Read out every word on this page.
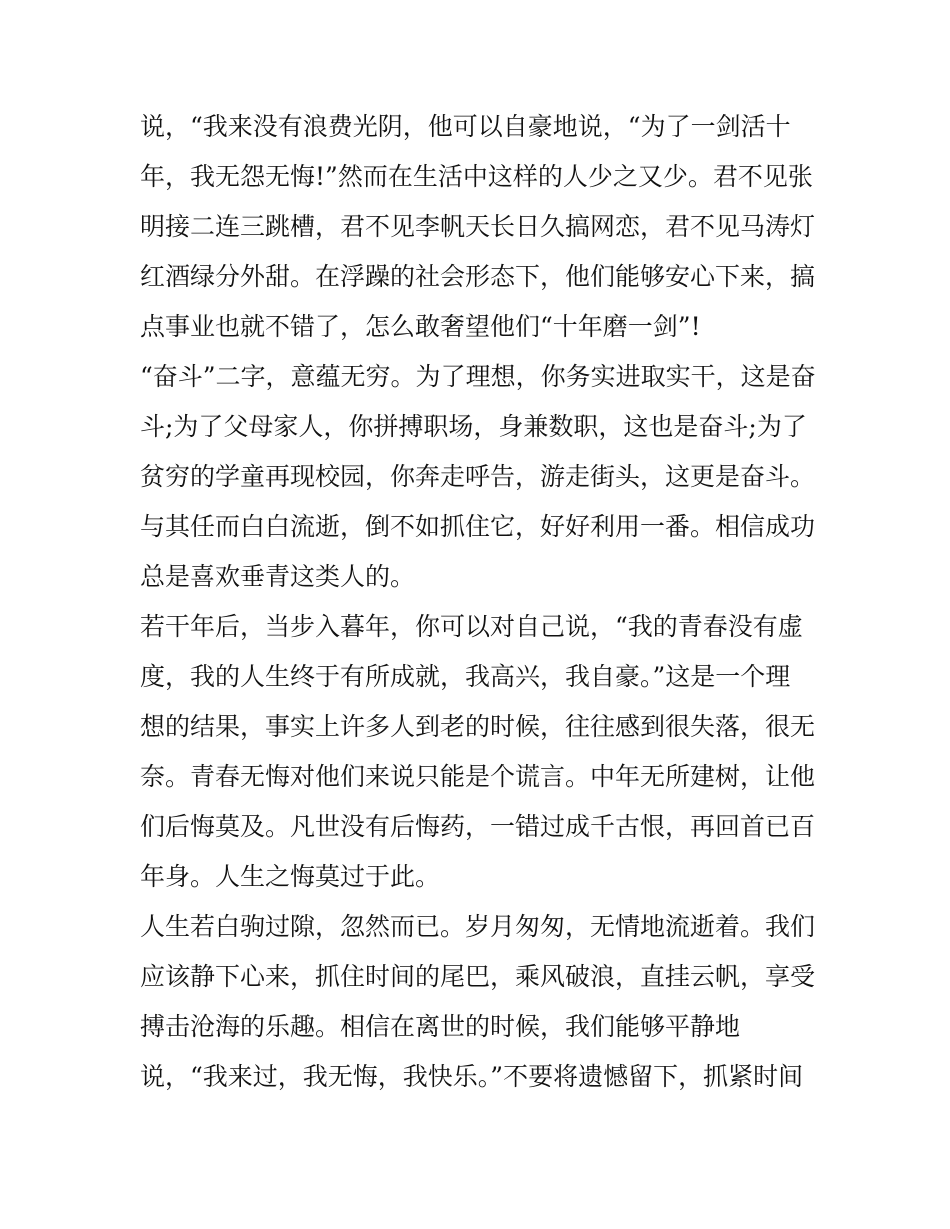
说，“我来没有浪费光阴，他可以自豪地说，“为了一剑活十
年，我无怨无悔!”然而在生活中这样的人少之又少。君不见张
明接二连三跳槽，君不见李帆天长日久搞网恋，君不见马涛灯
红酒绿分外甜。在浮躁的社会形态下，他们能够安心下来，搞
点事业也就不错了，怎么敢奢望他们“十年磨一剑”!
“奋斗”二字，意蕴无穷。为了理想，你务实进取实干，这是奋
斗;为了父母家人，你拼搏职场，身兼数职，这也是奋斗;为了
贫穷的学童再现校园，你奔走呼告，游走街头，这更是奋斗。
与其任而白白流逝，倒不如抓住它，好好利用一番。相信成功
总是喜欢垂青这类人的。
若干年后，当步入暮年，你可以对自己说，“我的青春没有虚
度，我的人生终于有所成就，我高兴，我自豪。”这是一个理
想的结果，事实上许多人到老的时候，往往感到很失落，很无
奈。青春无悔对他们来说只能是个谎言。中年无所建树，让他
们后悔莫及。凡世没有后悔药，一错过成千古恨，再回首已百
年身。人生之悔莫过于此。
人生若白驹过隙，忽然而已。岁月匆匆，无情地流逝着。我们
应该静下心来，抓住时间的尾巴，乘风破浪，直挂云帆，享受
搏击沧海的乐趣。相信在离世的时候，我们能够平静地
说，“我来过，我无悔，我快乐。”不要将遗憾留下，抓紧时间
